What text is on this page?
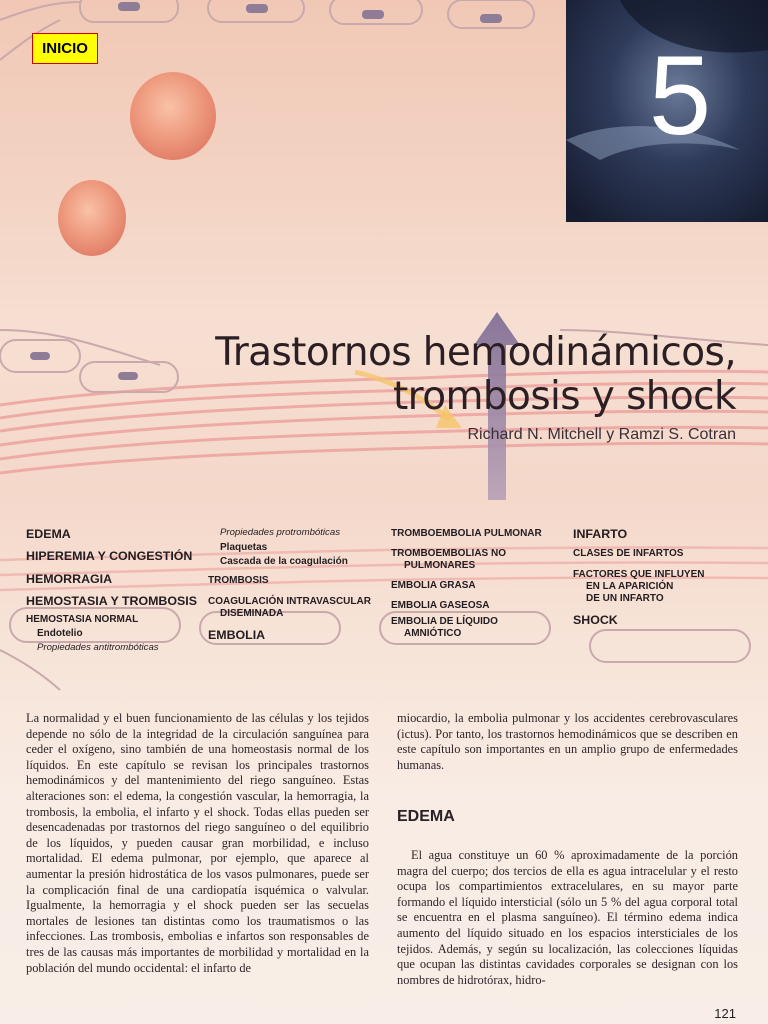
INICIO	5
Trastornos hemodinámicos,
trombosis y shock
Richard N. Mitchell y Ramzi S. Cotran
EDEMA
HIPEREMIA Y CONGESTIÓN
HEMORRAGIA
HEMOSTASIA Y TROMBOSIS
HEMOSTASIA NORMAL
Endotelio
Propiedades antitrombóticas
Propiedades protrombóticas
Plaquetas
Cascada de la coagulación
TROMBOSIS
COAGULACIÓN INTRAVASCULAR
DISEMINADA
EMBOLIA
TROMBOEMBOLIA PULMONAR
TROMBOEMBOLIAS NO
PULMONARES
EMBOLIA GRASA
EMBOLIA GASEOSA
EMBOLIA DE LÍQUIDO
AMNIÓTICO
INFARTO
CLASES DE INFARTOS
FACTORES QUE INFLUYEN
EN LA APARICIÓN
DE UN INFARTO
SHOCK

La normalidad y el buen funcionamiento de las células y los tejidos depende no sólo de la integridad de la circulación sanguínea para ceder el oxígeno, sino también de una homeostasis normal de los líquidos. En este capítulo se revisan los principales trastornos hemodinámicos y del mantenimiento del riego sanguíneo. Estas alteraciones son: el edema, la congestión vascular, la hemorragia, la trombosis, la embolia, el infarto y el shock. Todas ellas pueden ser desencadenadas por trastornos del riego sanguíneo o del equilibrio de los líquidos, y pueden causar gran morbilidad, e incluso mortalidad. El edema pulmonar, por ejemplo, que aparece al aumentar la presión hidrostática de los vasos pulmonares, puede ser la complicación final de una cardiopatía isquémica o valvular. Igualmente, la hemorragia y el shock pueden ser las secuelas mortales de lesiones tan distintas como los traumatismos o las infecciones. Las trombosis, embolias e infartos son responsables de tres de las causas más importantes de morbilidad y mortalidad en la población del mundo occidental: el infarto de

miocardio, la embolia pulmonar y los accidentes cerebrovasculares (ictus). Por tanto, los trastornos hemodinámicos que se describen en este capítulo son importantes en un amplio grupo de enfermedades humanas.

EDEMA

El agua constituye un 60 % aproximadamente de la porción magra del cuerpo; dos tercios de ella es agua intracelular y el resto ocupa los compartimientos extracelulares, en su mayor parte formando el líquido intersticial (sólo un 5 % del agua corporal total se encuentra en el plasma sanguíneo). El término edema indica aumento del líquido situado en los espacios intersticiales de los tejidos. Además, y según su localización, las colecciones líquidas que ocupan las distintas cavidades corporales se designan con los nombres de hidrotórax, hidro-

121
